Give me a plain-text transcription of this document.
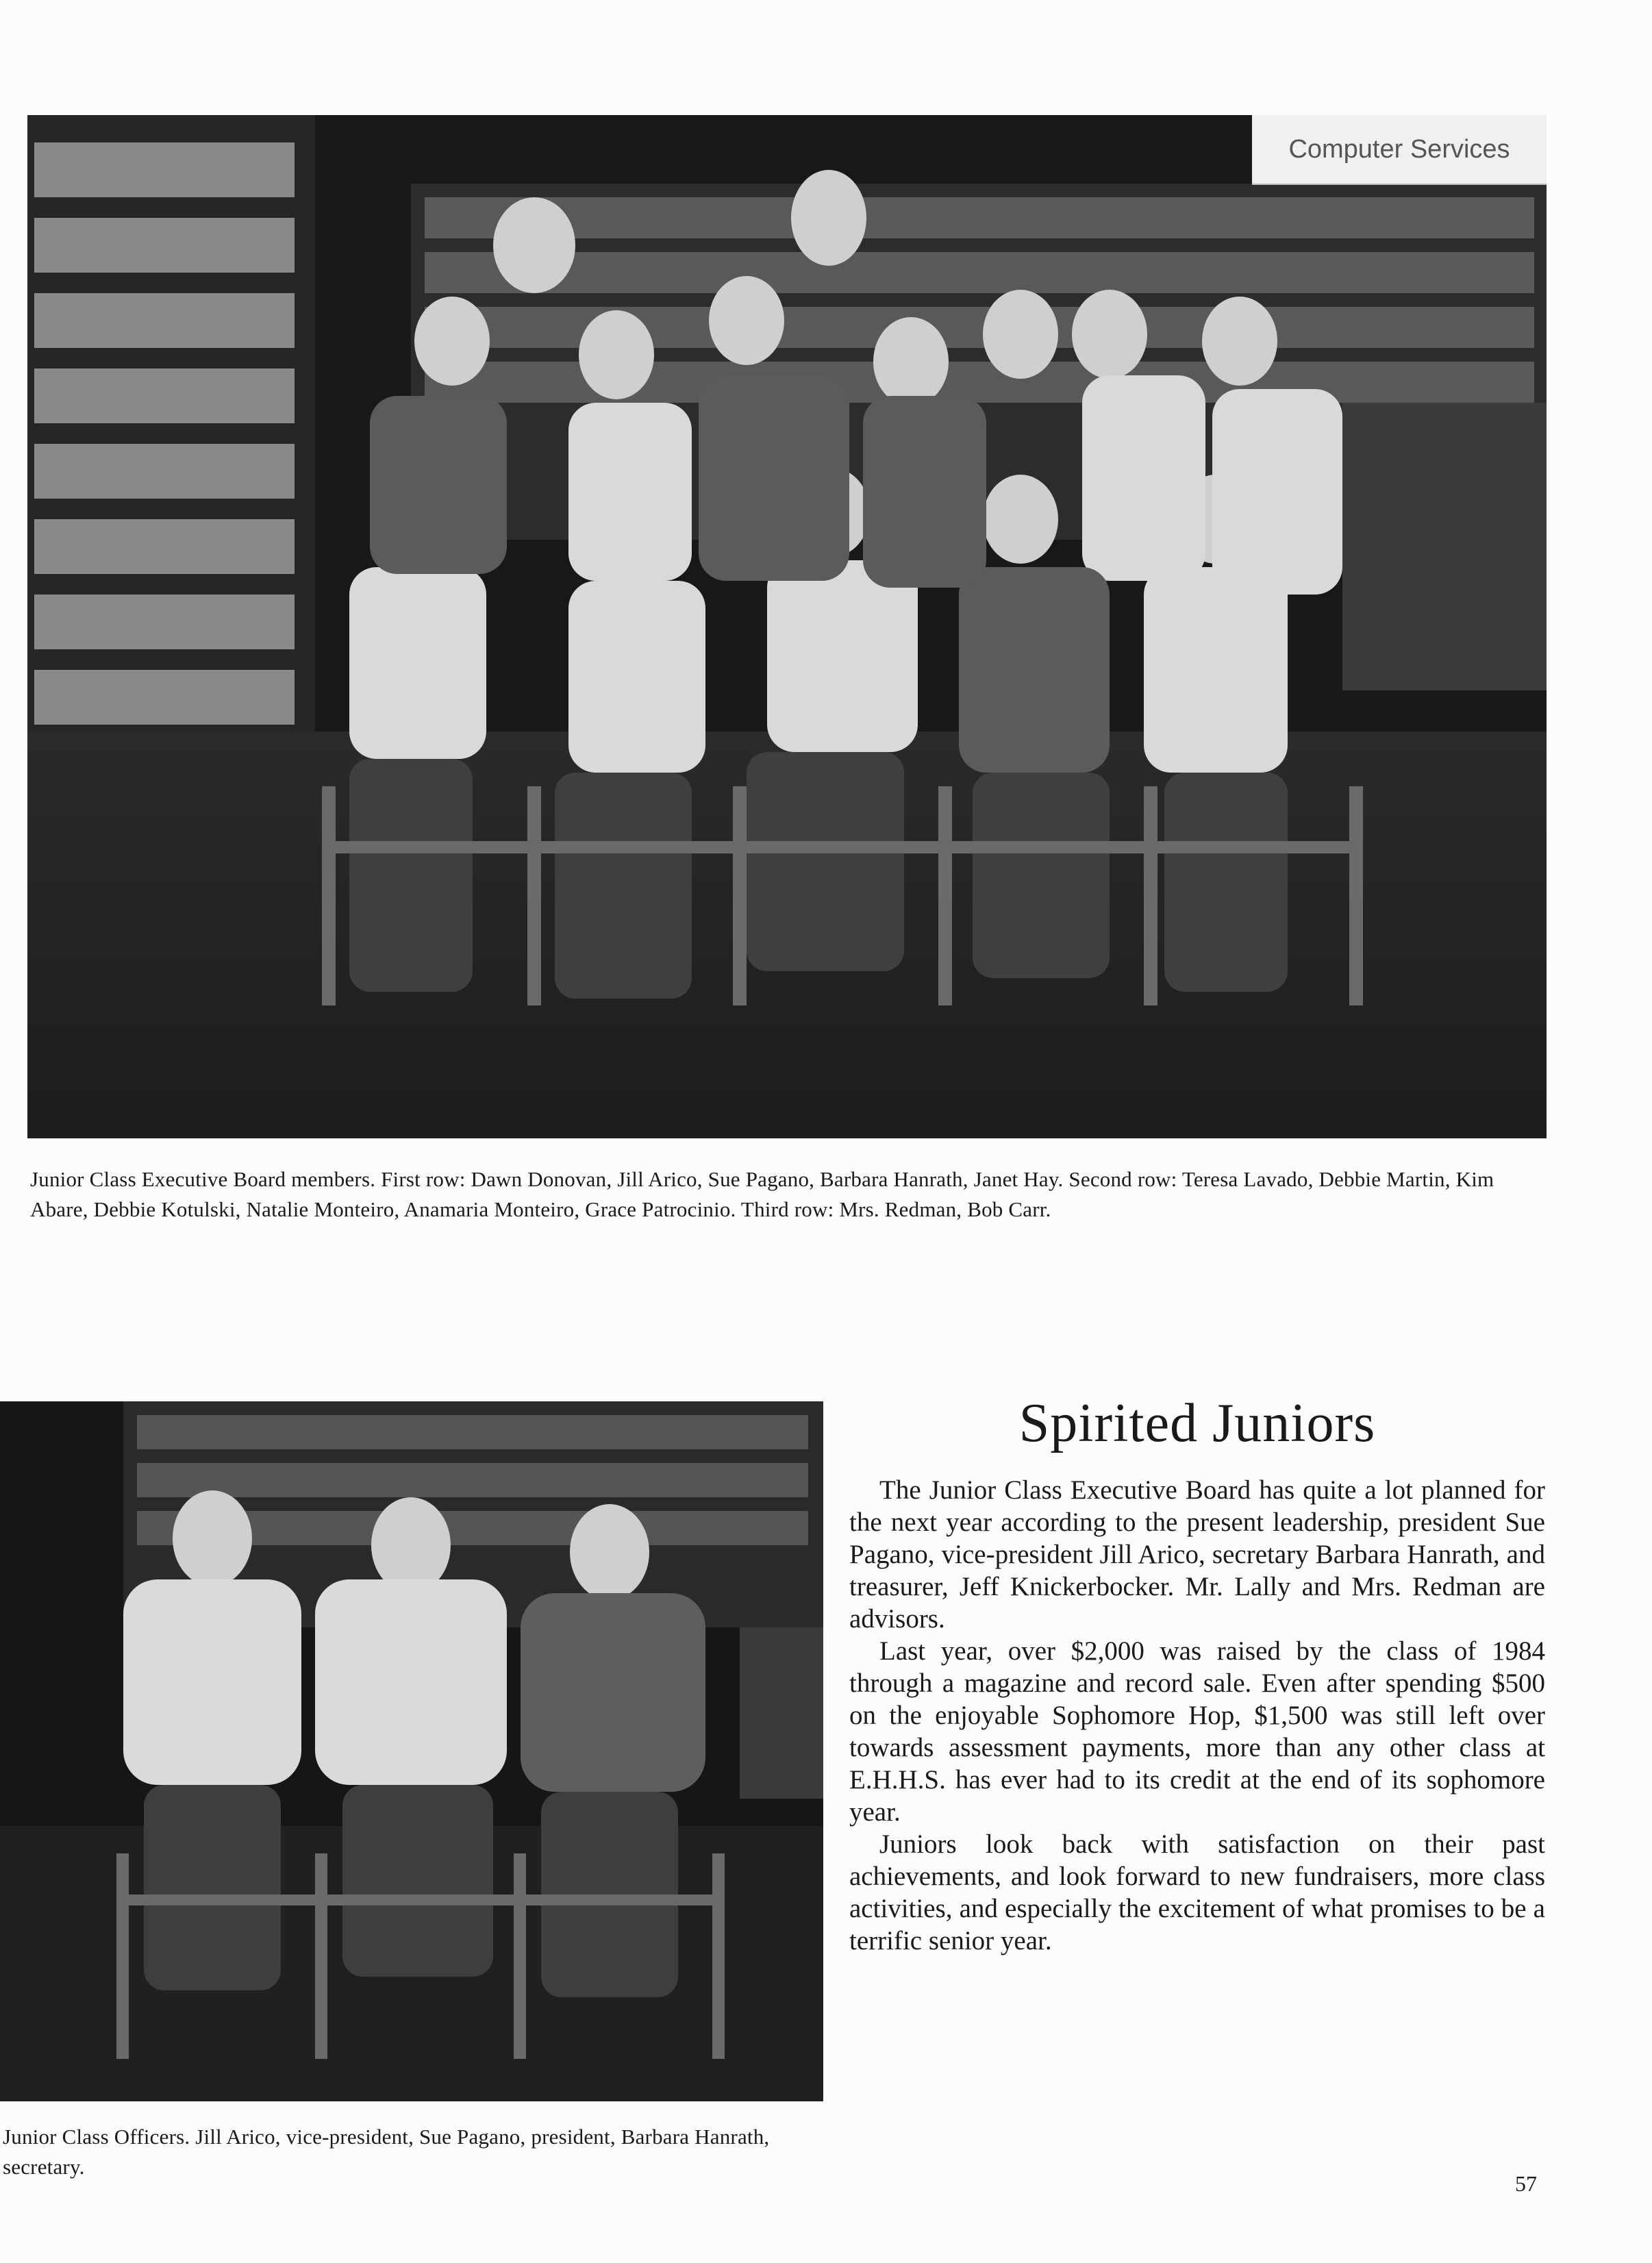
Computer Services

Junior Class Executive Board members. First row: Dawn Donovan, Jill Arico, Sue Pagano, Barbara Hanrath, Janet Hay. Second row: Teresa Lavado, Debbie Martin, Kim Abare, Debbie Kotulski, Natalie Monteiro, Anamaria Monteiro, Grace Patrocinio. Third row: Mrs. Redman, Bob Carr.

Junior Class Officers. Jill Arico, vice-president, Sue Pagano, president, Barbara Hanrath, secretary.

Spirited Juniors

The Junior Class Executive Board has quite a lot planned for the next year according to the present leadership, president Sue Pagano, vice-president Jill Arico, secretary Barbara Hanrath, and treasurer, Jeff Knickerbocker. Mr. Lally and Mrs. Redman are advisors.

Last year, over $2,000 was raised by the class of 1984 through a magazine and record sale. Even after spending $500 on the enjoyable Sophomore Hop, $1,500 was still left over towards assessment payments, more than any other class at E.H.H.S. has ever had to its credit at the end of its sophomore year.

Juniors look back with satisfaction on their past achievements, and look forward to new fundraisers, more class activities, and especially the excitement of what promises to be a terrific senior year.

57
